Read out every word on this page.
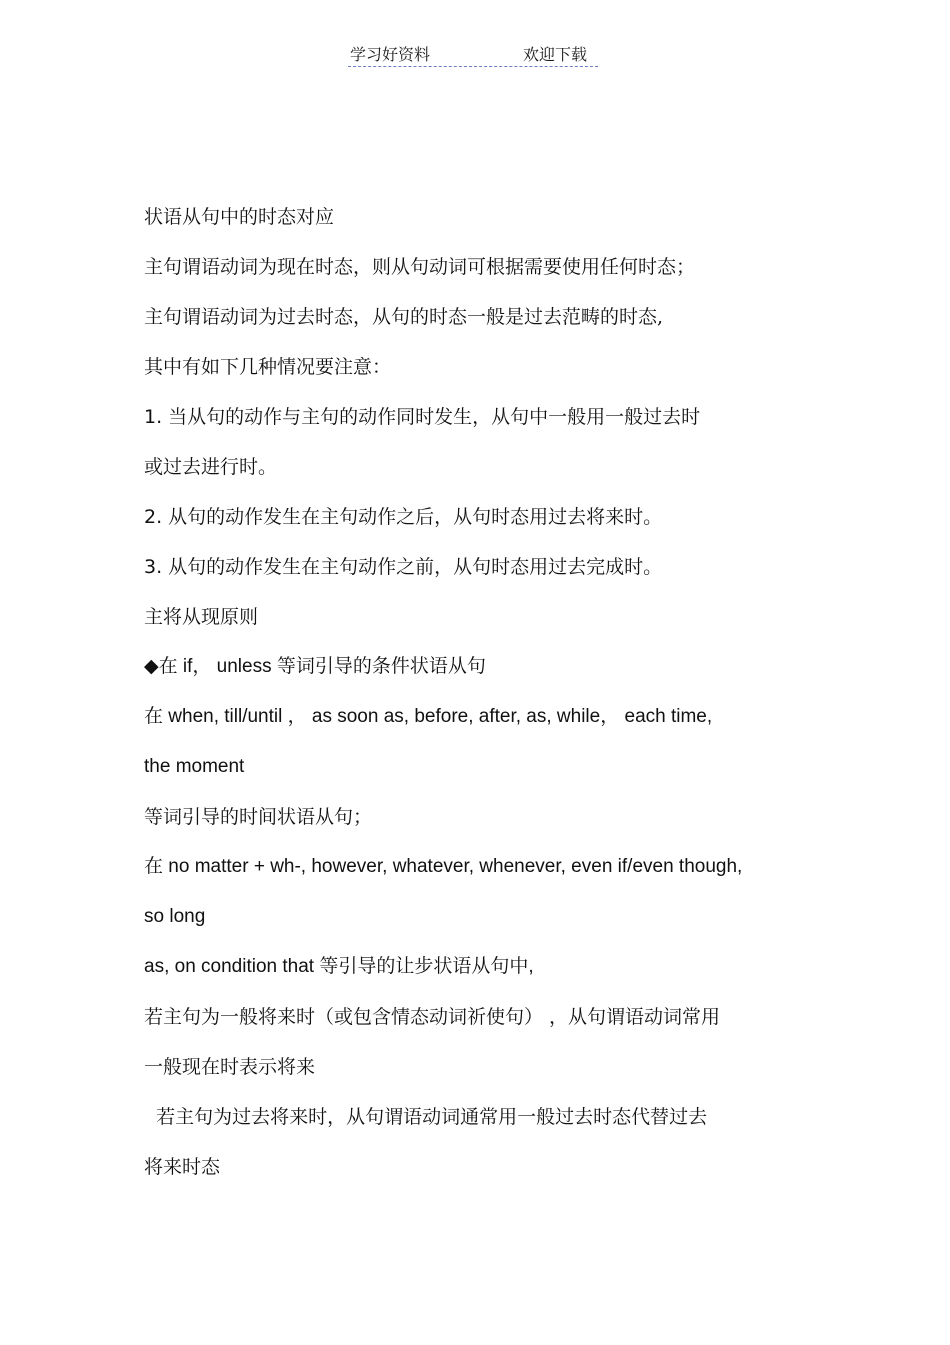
学习好资料	欢迎下载
状语从句中的时态对应
主句谓语动词为现在时态，则从句动词可根据需要使用任何时态；
主句谓语动词为过去时态，从句的时态一般是过去范畴的时态,
其中有如下几种情况要注意：
1. 当从句的动作与主句的动作同时发生，从句中一般用一般过去时
或过去进行时。
2. 从句的动作发生在主句动作之后，从句时态用过去将来时。
3. 从句的动作发生在主句动作之前，从句时态用过去完成时。
主将从现原则
◆在 if， unless 等词引导的条件状语从句
在 when, till/until ， as soon as, before, after, as, while， each time,
the moment
等词引导的时间状语从句；
在 no matter + wh-, however, whatever, whenever, even if/even though,
so long
as, on condition that 等引导的让步状语从句中,
若主句为一般将来时（或包含情态动词祈使句） ，从句谓语动词常用
一般现在时表示将来
若主句为过去将来时，从句谓语动词通常用一般过去时态代替过去
将来时态
